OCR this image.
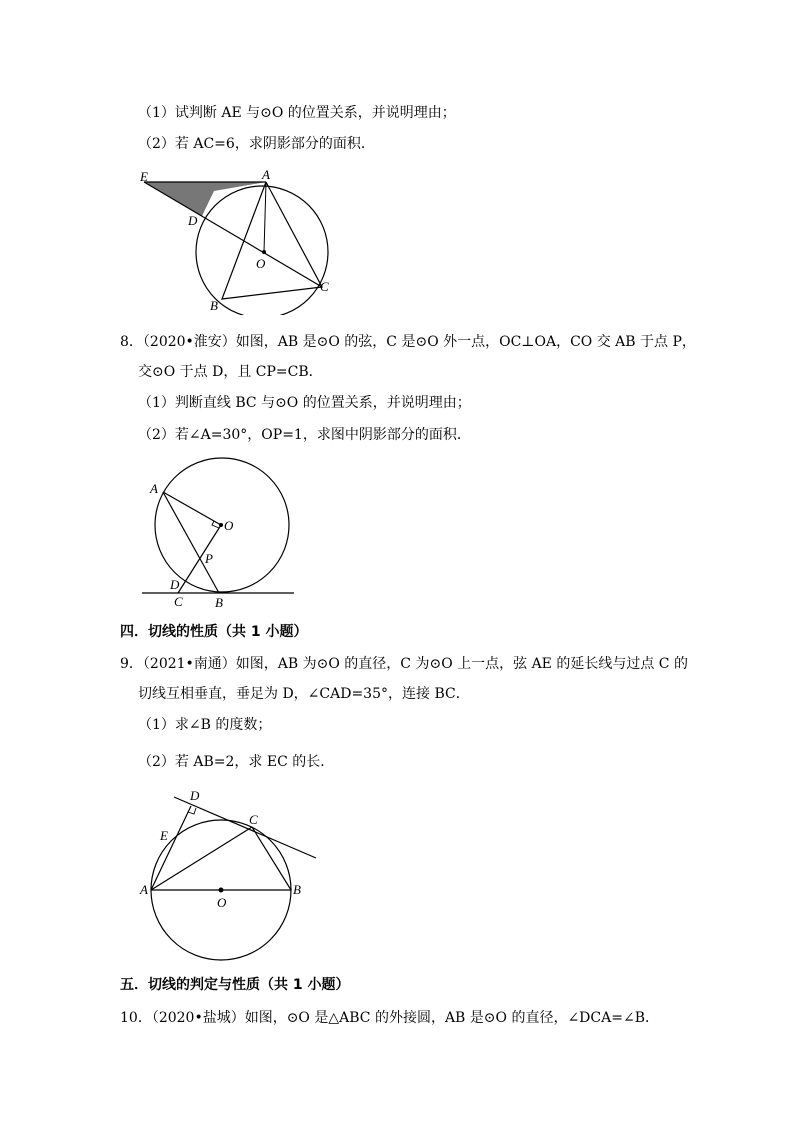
（1）试判断 AE 与⊙O 的位置关系，并说明理由；
（2）若 AC=6，求阴影部分的面积．
E	A
D
O
B
C
8．（2020•淮安）如图，AB 是⊙O 的弦，C 是⊙O 外一点，OC⊥OA，CO 交 AB 于点 P，
交⊙O 于点 D，且 CP=CB．
（1）判断直线 BC 与⊙O 的位置关系，并说明理由；
（2）若∠A=30°，OP=1，求图中阴影部分的面积．
A
O
P
D
C B
四．切线的性质（共 1 小题）
9．（2021•南通）如图，AB 为⊙O 的直径，C 为⊙O 上一点，弦 AE 的延长线与过点 C 的
切线互相垂直，垂足为 D，∠CAD=35°，连接 BC．
（1）求∠B 的度数；
（2）若 AB=2，求 EC 的长．
D
C
E
A
O
B
五．切线的判定与性质（共 1 小题）
10．（2020•盐城）如图，⊙O 是△ABC 的外接圆，AB 是⊙O 的直径，∠DCA=∠B．
